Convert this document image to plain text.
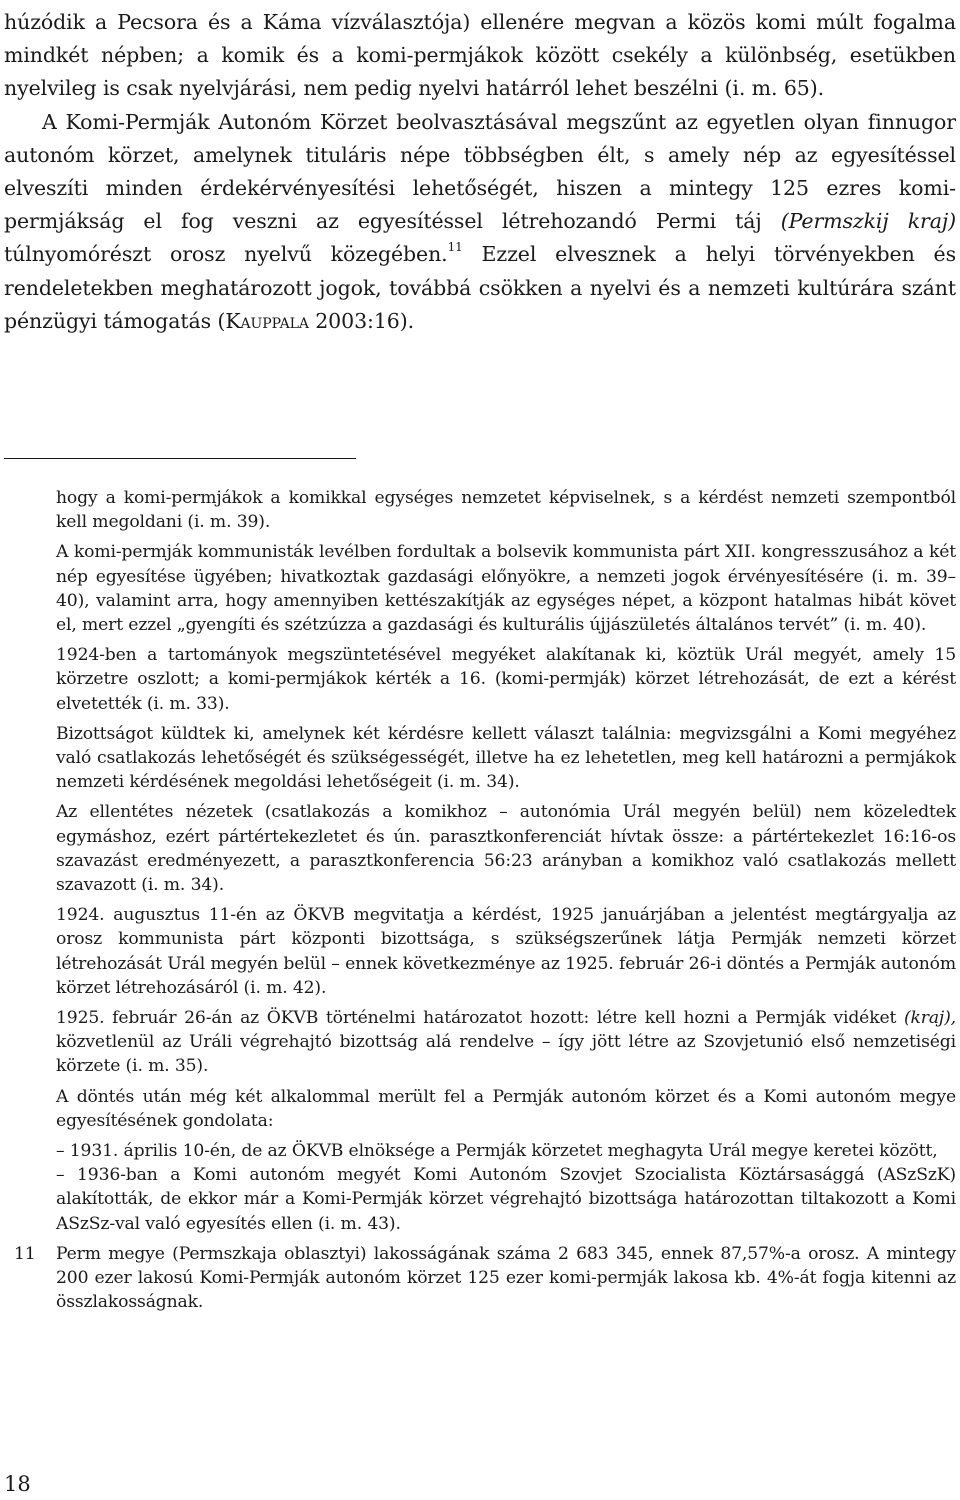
húzódik a Pecsora és a Káma vízválasztója) ellenére megvan a közös komi múlt fogalma mindkét népben; a komik és a komi-permjákok között csekély a különbség, esetükben nyelvileg is csak nyelvjárási, nem pedig nyelvi határról lehet beszélni (i. m. 65).

A Komi-Permják Autonóm Körzet beolvasztásával megszűnt az egyetlen olyan finnugor autonóm körzet, amelynek tituláris népe többségben élt, s amely nép az egyesítéssel elveszíti minden érdekérvényesítési lehetőségét, hiszen a mintegy 125 ezres komi-permjákság el fog veszni az egyesítéssel létrehozandó Permi táj (Permszkij kraj) túlnyomórészt orosz nyelvű közegében.$^{11}$ Ezzel elvesznek a helyi törvényekben és rendeletekben meghatározott jogok, továbbá csökken a nyelvi és a nemzeti kultúrára szánt pénzügyi támogatás (Kauppala 2003:16).

hogy a komi-permjákok a komikkal egységes nemzetet képviselnek, s a kérdést nemzeti szempontból kell megoldani (i. m. 39).

A komi-permják kommunisták levélben fordultak a bolsevik kommunista párt XII. kongresszusához a két nép egyesítése ügyében; hivatkoztak gazdasági előnyökre, a nemzeti jogok érvényesítésére (i. m. 39–40), valamint arra, hogy amennyiben kettészakítják az egységes népet, a központ hatalmas hibát követ el, mert ezzel „gyengíti és szétzúzza a gazdasági és kulturális újjászületés általános tervét” (i. m. 40).

1924-ben a tartományok megszüntetésével megyéket alakítanak ki, köztük Urál megyét, amely 15 körzetre oszlott; a komi-permjákok kérték a 16. (komi-permják) körzet létrehozását, de ezt a kérést elvetették (i. m. 33).

Bizottságot küldtek ki, amelynek két kérdésre kellett választ találnia: megvizsgálni a Komi megyéhez való csatlakozás lehetőségét és szükségességét, illetve ha ez lehetetlen, meg kell határozni a permjákok nemzeti kérdésének megoldási lehetőségeit (i. m. 34).

Az ellentétes nézetek (csatlakozás a komikhoz – autonómia Urál megyén belül) nem közeledtek egymáshoz, ezért pártértekezletet és ún. parasztkonferenciát hívtak össze: a pártértekezlet 16:16-os szavazást eredményezett, a parasztkonferencia 56:23 arányban a komikhoz való csatlakozás mellett szavazott (i. m. 34).

1924. augusztus 11-én az ÖKVB megvitatja a kérdést, 1925 januárjában a jelentést megtárgyalja az orosz kommunista párt központi bizottsága, s szükségszerűnek látja Permják nemzeti körzet létrehozását Urál megyén belül – ennek következménye az 1925. február 26-i döntés a Permják autonóm körzet létrehozásáról (i. m. 42).

1925. február 26-án az ÖKVB történelmi határozatot hozott: létre kell hozni a Permják vidéket (kraj), közvetlenül az Uráli végrehajtó bizottság alá rendelve – így jött létre az Szovjetunió első nemzetiségi körzete (i. m. 35).

A döntés után még két alkalommal merült fel a Permják autonóm körzet és a Komi autonóm megye egyesítésének gondolata:

– 1931. április 10-én, de az ÖKVB elnöksége a Permják körzetet meghagyta Urál megye keretei között,

– 1936-ban a Komi autonóm megyét Komi Autonóm Szovjet Szocialista Köztársasággá (ASzSzK) alakították, de ekkor már a Komi-Permják körzet végrehajtó bizottsága határozottan tiltakozott a Komi ASzSz-val való egyesítés ellen (i. m. 43).

11 Perm megye (Permszkaja oblasztyi) lakosságának száma 2 683 345, ennek 87,57%-a orosz. A mintegy 200 ezer lakosú Komi-Permják autonóm körzet 125 ezer komi-permják lakosa kb. 4%-át fogja kitenni az összlakosságnak.

18
